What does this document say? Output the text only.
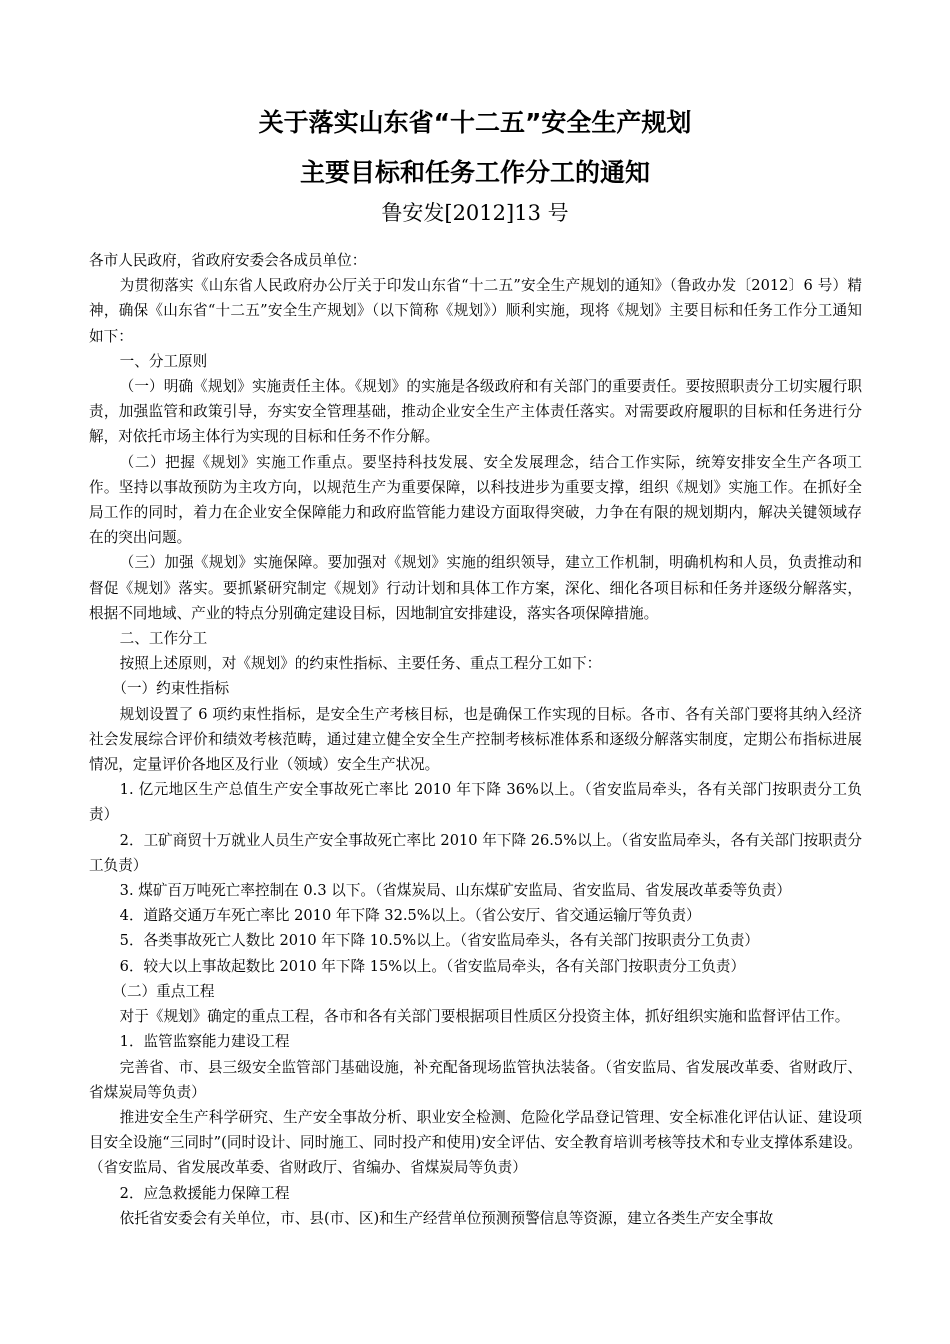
关于落实山东省“十二五”安全生产规划
主要目标和任务工作分工的通知
鲁安发[2012]13 号

各市人民政府，省政府安委会各成员单位：

为贯彻落实《山东省人民政府办公厅关于印发山东省“十二五”安全生产规划的通知》（鲁政办发〔2012〕6 号）精神，确保《山东省“十二五”安全生产规划》（以下简称《规划》）顺利实施，现将《规划》主要目标和任务工作分工通知如下：

一、分工原则

（一）明确《规划》实施责任主体。《规划》的实施是各级政府和有关部门的重要责任。要按照职责分工切实履行职责，加强监管和政策引导，夯实安全管理基础，推动企业安全生产主体责任落实。对需要政府履职的目标和任务进行分解，对依托市场主体行为实现的目标和任务不作分解。

（二）把握《规划》实施工作重点。要坚持科技发展、安全发展理念，结合工作实际，统筹安排安全生产各项工作。坚持以事故预防为主攻方向，以规范生产为重要保障，以科技进步为重要支撑，组织《规划》实施工作。在抓好全局工作的同时，着力在企业安全保障能力和政府监管能力建设方面取得突破，力争在有限的规划期内，解决关键领域存在的突出问题。

（三）加强《规划》实施保障。要加强对《规划》实施的组织领导，建立工作机制，明确机构和人员，负责推动和督促《规划》落实。要抓紧研究制定《规划》行动计划和具体工作方案，深化、细化各项目标和任务并逐级分解落实，根据不同地域、产业的特点分别确定建设目标，因地制宜安排建设，落实各项保障措施。

二、工作分工

按照上述原则，对《规划》的约束性指标、主要任务、重点工程分工如下：

（一）约束性指标

规划设置了 6 项约束性指标，是安全生产考核目标，也是确保工作实现的目标。各市、各有关部门要将其纳入经济社会发展综合评价和绩效考核范畴，通过建立健全安全生产控制考核标准体系和逐级分解落实制度，定期公布指标进展情况，定量评价各地区及行业（领域）安全生产状况。

1. 亿元地区生产总值生产安全事故死亡率比 2010 年下降 36%以上。（省安监局牵头，各有关部门按职责分工负责）

2．工矿商贸十万就业人员生产安全事故死亡率比 2010 年下降 26.5%以上。（省安监局牵头，各有关部门按职责分工负责）

3. 煤矿百万吨死亡率控制在 0.3 以下。（省煤炭局、山东煤矿安监局、省安监局、省发展改革委等负责）

4．道路交通万车死亡率比 2010 年下降 32.5%以上。（省公安厅、省交通运输厅等负责）

5．各类事故死亡人数比 2010 年下降 10.5%以上。（省安监局牵头，各有关部门按职责分工负责）

6．较大以上事故起数比 2010 年下降 15%以上。（省安监局牵头，各有关部门按职责分工负责）

（二）重点工程

对于《规划》确定的重点工程，各市和各有关部门要根据项目性质区分投资主体，抓好组织实施和监督评估工作。

1．监管监察能力建设工程

完善省、市、县三级安全监管部门基础设施，补充配备现场监管执法装备。（省安监局、省发展改革委、省财政厅、省煤炭局等负责）

推进安全生产科学研究、生产安全事故分析、职业安全检测、危险化学品登记管理、安全标准化评估认证、建设项目安全设施“三同时”(同时设计、同时施工、同时投产和使用)安全评估、安全教育培训考核等技术和专业支撑体系建设。（省安监局、省发展改革委、省财政厅、省编办、省煤炭局等负责）

2．应急救援能力保障工程

依托省安委会有关单位，市、县(市、区)和生产经营单位预测预警信息等资源，建立各类生产安全事故
